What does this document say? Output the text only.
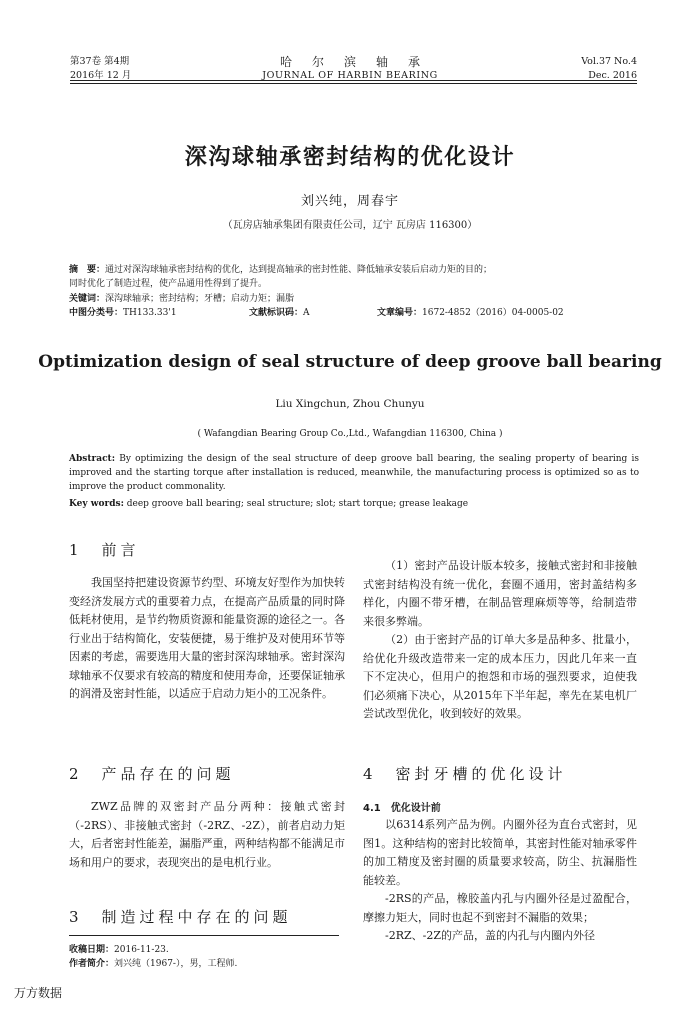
第37卷 第4期
2016年 12 月
哈尔滨轴承
JOURNAL OF HARBIN BEARING
Vol.37 No.4
Dec. 2016
深沟球轴承密封结构的优化设计
刘兴纯，周春宇
（瓦房店轴承集团有限责任公司，辽宁 瓦房店 116300）
摘　要：通过对深沟球轴承密封结构的优化，达到提高轴承的密封性能、降低轴承安装后启动力矩的目的；
同时优化了制造过程，使产品通用性得到了提升。
关键词：深沟球轴承；密封结构；牙槽；启动力矩；漏脂
中图分类号：TH133.33'1	文献标识码：A	文章编号：1672-4852（2016）04-0005-02
Optimization design of seal structure of deep groove ball bearing
Liu Xingchun, Zhou Chunyu
( Wafangdian Bearing Group Co.,Ltd., Wafangdian 116300, China )
Abstract: By optimizing the design of the seal structure of deep groove ball bearing, the sealing property of bearing is improved and the starting torque after installation is reduced, meanwhile, the manufacturing process is optimized so as to improve the product commonality.
Key words: deep groove ball bearing; seal structure; slot; start torque; grease leakage
1　前言

我国坚持把建设资源节约型、环境友好型作为加快转变经济发展方式的重要着力点，在提高产品质量的同时降低耗材使用，是节约物质资源和能量资源的途径之一。各行业出于结构简化，安装便捷，易于维护及对使用环节等因素的考虑，需要选用大量的密封深沟球轴承。密封深沟球轴承不仅要求有较高的精度和使用寿命，还要保证轴承的润滑及密封性能，以适应于启动力矩小的工况条件。

2　产品存在的问题

ZWZ品牌的双密封产品分两种：接触式密封（-2RS）、非接触式密封（-2RZ、-2Z），前者启动力矩大，后者密封性能差，漏脂严重，两种结构都不能满足市场和用户的要求，表现突出的是电机行业。

3　制造过程中存在的问题
收稿日期：2016-11-23.
作者简介：刘兴纯（1967-），男，工程师.

（1）密封产品设计版本较多，接触式密封和非接触式密封结构没有统一优化，套圈不通用，密封盖结构多样化，内圈不带牙槽，在制品管理麻烦等等，给制造带来很多弊端。

（2）由于密封产品的订单大多是品种多、批量小，给优化升级改造带来一定的成本压力，因此几年来一直下不定决心，但用户的抱怨和市场的强烈要求，迫使我们必须痛下决心，从2015年下半年起，率先在某电机厂尝试改型优化，收到较好的效果。

4　密封牙槽的优化设计
4.1　优化设计前

以6314系列产品为例。内圈外径为直台式密封，见图1。这种结构的密封比较简单，其密封性能对轴承零件的加工精度及密封圈的质量要求较高，防尘、抗漏脂性能较差。

-2RS的产品，橡胶盖内孔与内圈外径是过盈配合，摩擦力矩大，同时也起不到密封不漏脂的效果；

-2RZ、-2Z的产品，盖的内孔与内圈内外径

万方数据
